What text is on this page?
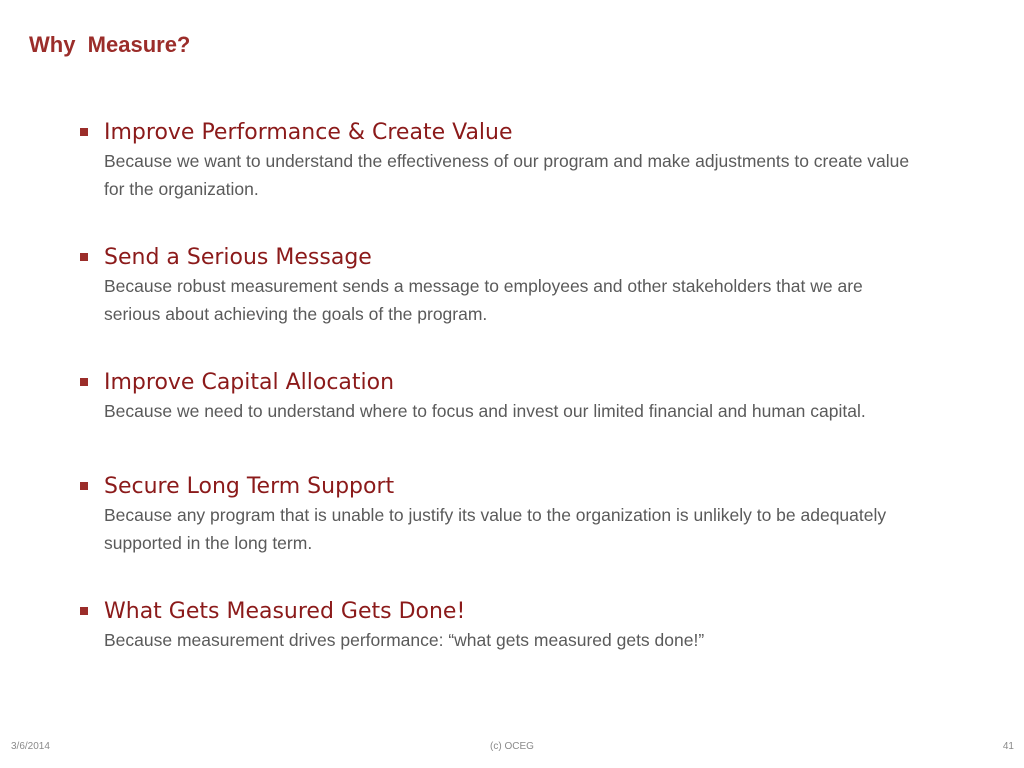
Why  Measure?
Improve Performance & Create Value
Because we want to understand the effectiveness of our program and make adjustments to create value for the organization.
Send a Serious Message
Because robust measurement sends a message to employees and other stakeholders that we are serious about achieving the goals of the program.
Improve Capital Allocation
Because we need to understand where to focus and invest our limited financial and human capital.
Secure Long Term Support
Because any program that is unable to justify its value to the organization is unlikely to be adequately supported in the long term.
What Gets Measured Gets Done!
Because measurement drives performance: “what gets measured gets done!”
3/6/2014	(c) OCEG	41
